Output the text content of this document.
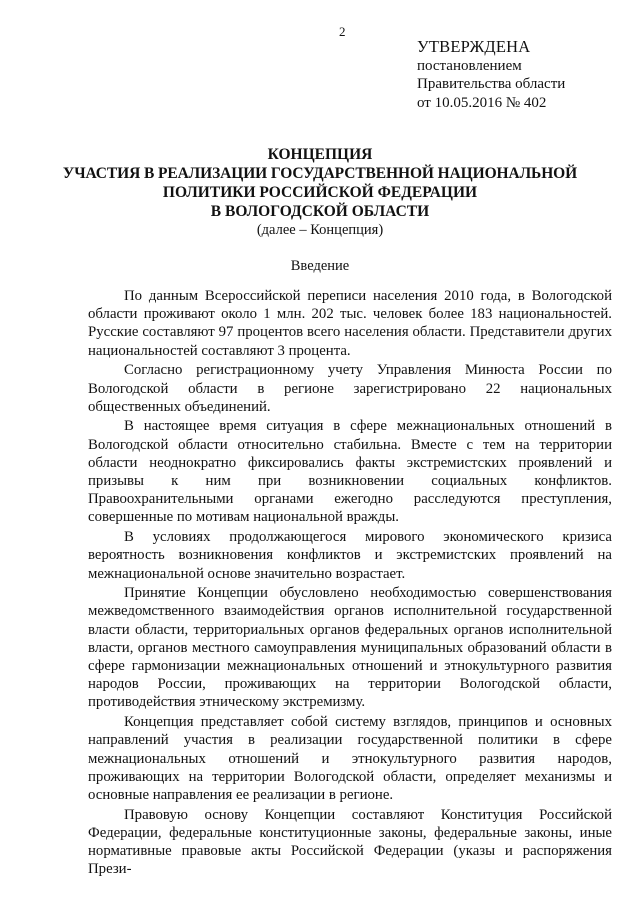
2
УТВЕРЖДЕНА
постановлением
Правительства области
от 10.05.2016 № 402
КОНЦЕПЦИЯ
УЧАСТИЯ В РЕАЛИЗАЦИИ ГОСУДАРСТВЕННОЙ НАЦИОНАЛЬНОЙ
ПОЛИТИКИ РОССИЙСКОЙ ФЕДЕРАЦИИ
В ВОЛОГОДСКОЙ ОБЛАСТИ
(далее – Концепция)
Введение

По данным Всероссийской переписи населения 2010 года, в Вологодской области проживают около 1 млн. 202 тыс. человек более 183 национальностей. Русские составляют 97 процентов всего населения области. Представители других национальностей составляют 3 процента.

Согласно регистрационному учету Управления Минюста России по Вологодской области в регионе зарегистрировано 22 национальных общественных объединений.

В настоящее время ситуация в сфере межнациональных отношений в Вологодской области относительно стабильна. Вместе с тем на территории области неоднократно фиксировались факты экстремистских проявлений и призывы к ним при возникновении социальных конфликтов. Правоохранительными органами ежегодно расследуются преступления, совершенные по мотивам национальной вражды.

В условиях продолжающегося мирового экономического кризиса вероятность возникновения конфликтов и экстремистских проявлений на межнациональной основе значительно возрастает.

Принятие Концепции обусловлено необходимостью совершенствования межведомственного взаимодействия органов исполнительной государственной власти области, территориальных органов федеральных органов исполнительной власти, органов местного самоуправления муниципальных образований области в сфере гармонизации межнациональных отношений и этнокультурного развития народов России, проживающих на территории Вологодской области, противодействия этническому экстремизму.

Концепция представляет собой систему взглядов, принципов и основных направлений участия в реализации государственной политики в сфере межнациональных отношений и этнокультурного развития народов, проживающих на территории Вологодской области, определяет механизмы и основные направления ее реализации в регионе.

Правовую основу Концепции составляют Конституция Российской Федерации, федеральные конституционные законы, федеральные законы, иные нормативные правовые акты Российской Федерации (указы и распоряжения Прези-
